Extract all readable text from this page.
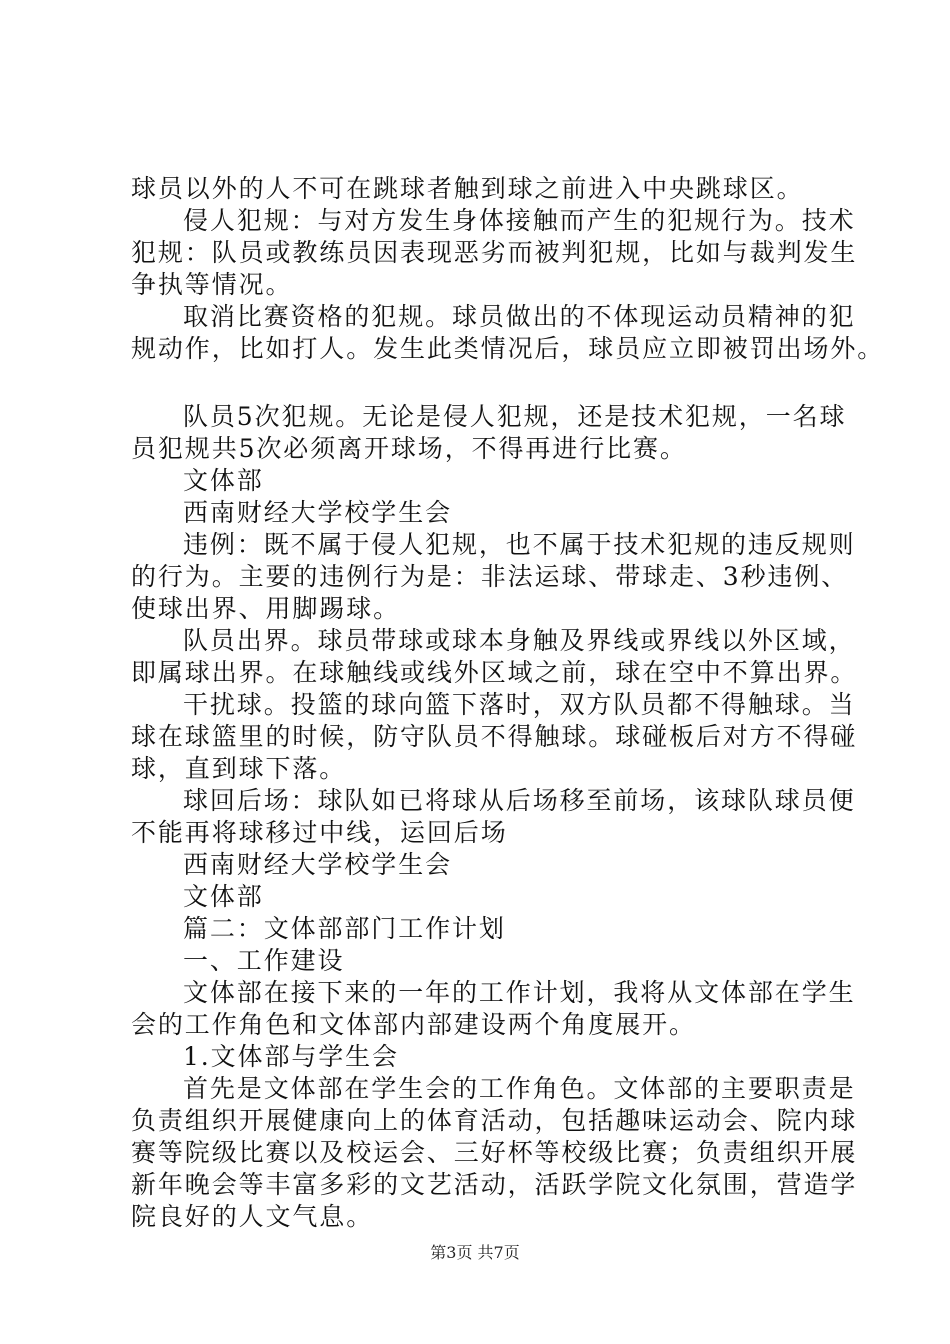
球员以外的人不可在跳球者触到球之前进入中央跳球区。
侵人犯规：与对方发生身体接触而产生的犯规行为。技术
犯规：队员或教练员因表现恶劣而被判犯规，比如与裁判发生
争执等情况。
取消比赛资格的犯规。球员做出的不体现运动员精神的犯
规动作，比如打人。发生此类情况后，球员应立即被罚出场外。
队员5次犯规。无论是侵人犯规，还是技术犯规，一名球
员犯规共5次必须离开球场，不得再进行比赛。
文体部
西南财经大学校学生会
违例：既不属于侵人犯规，也不属于技术犯规的违反规则
的行为。主要的违例行为是：非法运球、带球走、3秒违例、
使球出界、用脚踢球。
队员出界。球员带球或球本身触及界线或界线以外区域，
即属球出界。在球触线或线外区域之前，球在空中不算出界。
干扰球。投篮的球向篮下落时，双方队员都不得触球。当
球在球篮里的时候，防守队员不得触球。球碰板后对方不得碰
球，直到球下落。
球回后场：球队如已将球从后场移至前场，该球队球员便
不能再将球移过中线，运回后场
西南财经大学校学生会
文体部
篇二：文体部部门工作计划
一、工作建设
文体部在接下来的一年的工作计划，我将从文体部在学生
会的工作角色和文体部内部建设两个角度展开。
1.文体部与学生会
首先是文体部在学生会的工作角色。文体部的主要职责是
负责组织开展健康向上的体育活动，包括趣味运动会、院内球
赛等院级比赛以及校运会、三好杯等校级比赛；负责组织开展
新年晚会等丰富多彩的文艺活动，活跃学院文化氛围，营造学
院良好的人文气息。
第3页 共7页
